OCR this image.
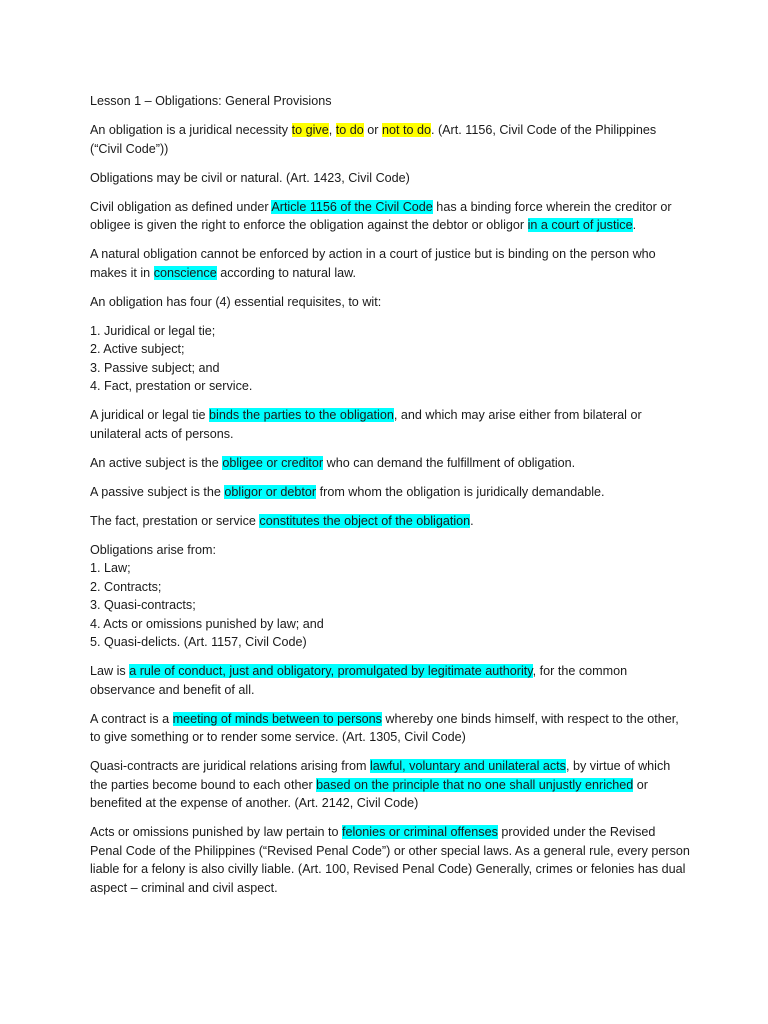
Lesson 1 – Obligations: General Provisions

An obligation is a juridical necessity to give, to do or not to do. (Art. 1156, Civil Code of the Philippines (“Civil Code”))

Obligations may be civil or natural. (Art. 1423, Civil Code)

Civil obligation as defined under Article 1156 of the Civil Code has a binding force wherein the creditor or obligee is given the right to enforce the obligation against the debtor or obligor in a court of justice.

A natural obligation cannot be enforced by action in a court of justice but is binding on the person who makes it in conscience according to natural law.

An obligation has four (4) essential requisites, to wit:

1. Juridical or legal tie;
2. Active subject;
3. Passive subject; and
4. Fact, prestation or service.

A juridical or legal tie binds the parties to the obligation, and which may arise either from bilateral or unilateral acts of persons.

An active subject is the obligee or creditor who can demand the fulfillment of obligation.

A passive subject is the obligor or debtor from whom the obligation is juridically demandable.

The fact, prestation or service constitutes the object of the obligation.

Obligations arise from:
1. Law;
2. Contracts;
3. Quasi-contracts;
4. Acts or omissions punished by law; and
5. Quasi-delicts. (Art. 1157, Civil Code)

Law is a rule of conduct, just and obligatory, promulgated by legitimate authority, for the common observance and benefit of all.

A contract is a meeting of minds between to persons whereby one binds himself, with respect to the other, to give something or to render some service. (Art. 1305, Civil Code)

Quasi-contracts are juridical relations arising from lawful, voluntary and unilateral acts, by virtue of which the parties become bound to each other based on the principle that no one shall unjustly enriched or benefited at the expense of another. (Art. 2142, Civil Code)

Acts or omissions punished by law pertain to felonies or criminal offenses provided under the Revised Penal Code of the Philippines (“Revised Penal Code”) or other special laws. As a general rule, every person liable for a felony is also civilly liable. (Art. 100, Revised Penal Code) Generally, crimes or felonies has dual aspect – criminal and civil aspect.
